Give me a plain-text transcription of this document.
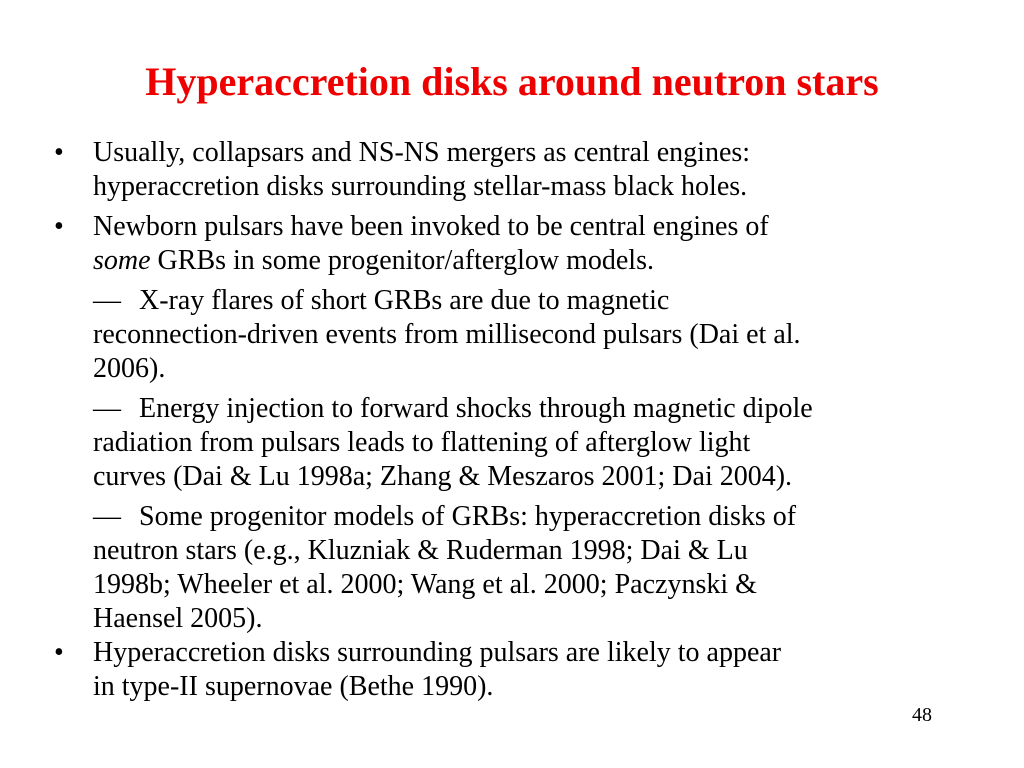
Hyperaccretion disks around neutron stars
• Usually, collapsars and NS-NS mergers as central engines:
hyperaccretion disks surrounding stellar-mass black holes.
• Newborn pulsars have been invoked to be central engines of
some GRBs in some progenitor/afterglow models.
— X-ray flares of short GRBs are due to magnetic
reconnection-driven events from millisecond pulsars (Dai et al.
2006).
— Energy injection to forward shocks through magnetic dipole
radiation from pulsars leads to flattening of afterglow light
curves (Dai & Lu 1998a; Zhang & Meszaros 2001; Dai 2004).
— Some progenitor models of GRBs: hyperaccretion disks of
neutron stars (e.g., Kluzniak & Ruderman 1998; Dai & Lu
1998b; Wheeler et al. 2000; Wang et al. 2000; Paczynski &
Haensel 2005).
• Hyperaccretion disks surrounding pulsars are likely to appear
in type-II supernovae (Bethe 1990).
48
